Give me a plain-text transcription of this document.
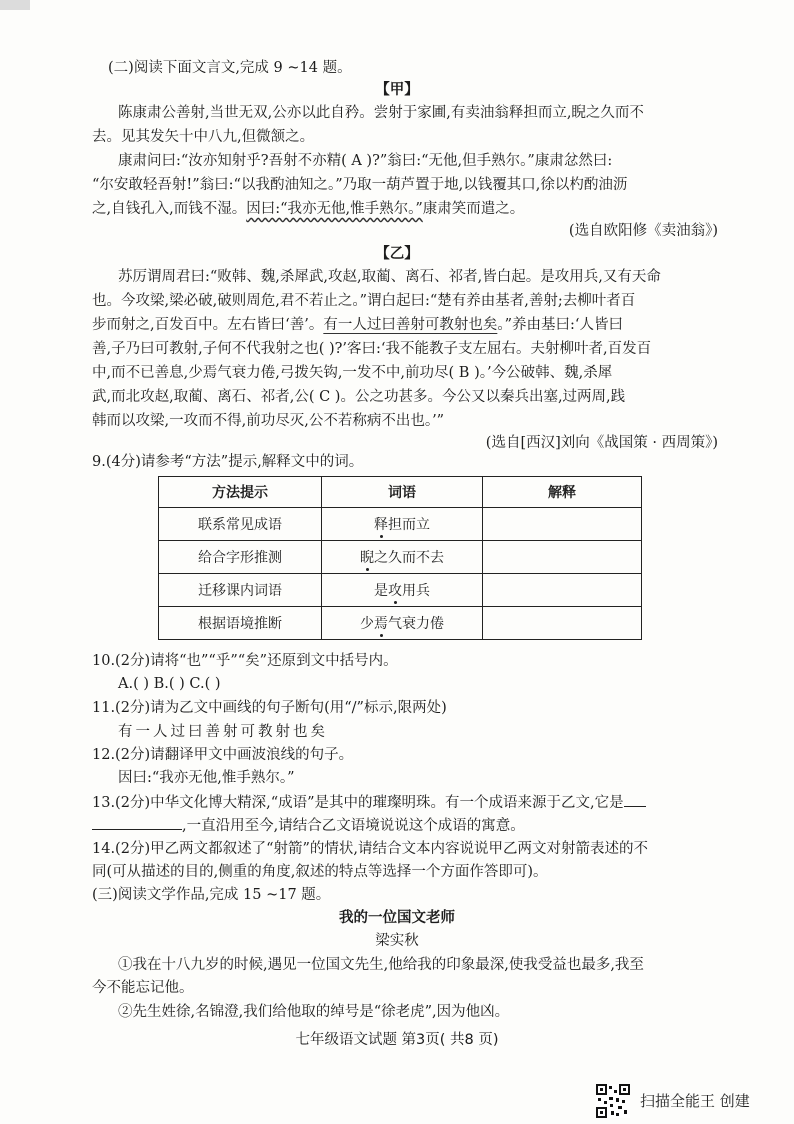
(二)阅读下面文言文,完成 9 ~14 题。
【甲】
陈康肃公善射,当世无双,公亦以此自矜。尝射于家圃,有卖油翁释担而立,睨之久而不
去。见其发矢十中八九,但微颔之。
康肃问曰:“汝亦知射乎?吾射不亦精( A )?”翁曰:“无他,但手熟尔。”康肃忿然曰:
“尔安敢轻吾射!”翁曰:“以我酌油知之。”乃取一葫芦置于地,以钱覆其口,徐以杓酌油沥
之,自钱孔入,而钱不湿。因曰:“我亦无他,惟手熟尔。”康肃笑而遣之。
(选自欧阳修《卖油翁》)
【乙】
苏厉谓周君曰:“败韩、魏,杀犀武,攻赵,取蔺、离石、祁者,皆白起。是攻用兵,又有天命
也。今攻梁,梁必破,破则周危,君不若止之。”谓白起曰:“楚有养由基者,善射;去柳叶者百
步而射之,百发百中。左右皆曰‘善’。有一人过曰善射可教射也矣。”养由基曰:‘人皆曰
善,子乃曰可教射,子何不代我射之也( )?’客曰:‘我不能教子支左屈右。夫射柳叶者,百发百
中,而不已善息,少焉气衰力倦,弓拨矢钩,一发不中,前功尽( B )。’今公破韩、魏,杀犀
武,而北攻赵,取蔺、离石、祁者,公( C )。公之功甚多。今公又以秦兵出塞,过两周,践
韩而以攻梁,一攻而不得,前功尽灭,公不若称病不出也。’”
(选自[西汉]刘向《战国策 · 西周策》)
9.(4分)请参考“方法”提示,解释文中的词。
方法提示	词语	解释
联系常见成语	释担而立	
给合字形推测	睨之久而不去	
迁移课内词语	是攻用兵	
根据语境推断	少焉气衰力倦	
10.(2分)请将“也”“乎”“矣”还原到文中括号内。
A.( ) B.( ) C.( )
11.(2分)请为乙文中画线的句子断句(用“/”标示,限两处)
有一人过曰善射可教射也矣
12.(2分)请翻译甲文中画波浪线的句子。
因曰:“我亦无他,惟手熟尔。”
13.(2分)中华文化博大精深,“成语”是其中的璀璨明珠。有一个成语来源于乙文,它是
,一直沿用至今,请结合乙文语境说说这个成语的寓意。
14.(2分)甲乙两文都叙述了“射箭”的情状,请结合文本内容说说甲乙两文对射箭表述的不
同(可从描述的目的,侧重的角度,叙述的特点等选择一个方面作答即可)。
(三)阅读文学作品,完成 15 ~17 题。
我的一位国文老师
梁实秋
①我在十八九岁的时候,遇见一位国文先生,他给我的印象最深,使我受益也最多,我至
今不能忘记他。
②先生姓徐,名锦澄,我们给他取的绰号是“徐老虎”,因为他凶。
七年级语文试题 第3页( 共8 页)
扫描全能王 创建
